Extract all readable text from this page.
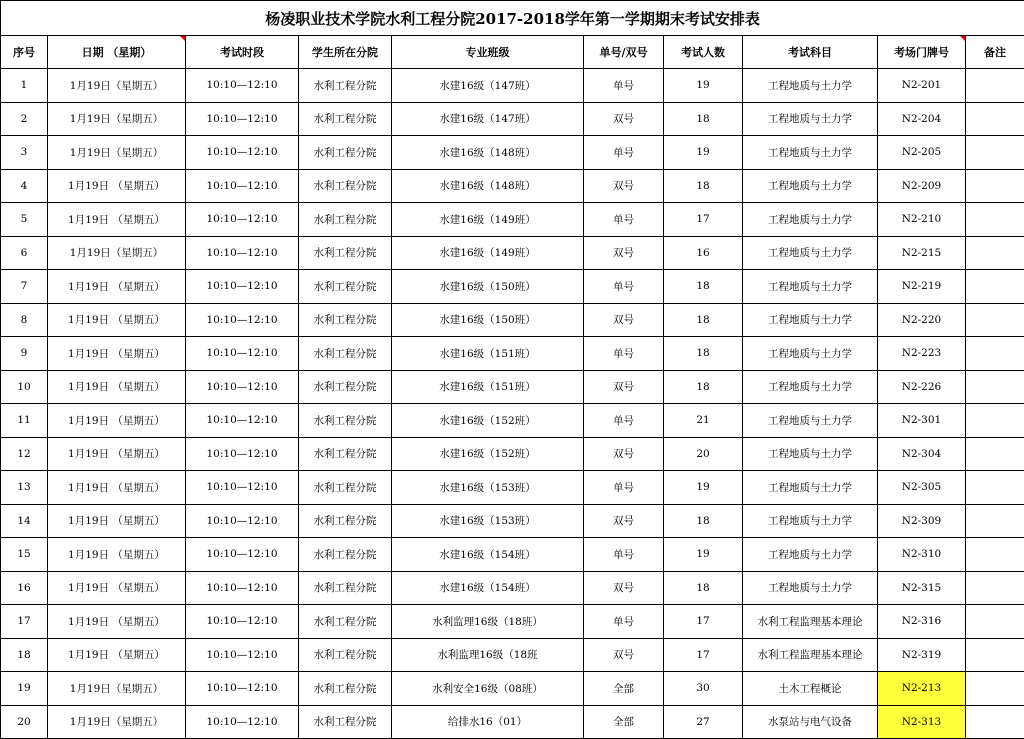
杨凌职业技术学院水利工程分院2017-2018学年第一学期期末考试安排表									
序号	日期 （星期）	考试时段	学生所在分院	专业班级	单号/双号	考试人数	考试科目	考场门牌号	备注
1	1月19日（星期五）	10:10—12:10	水利工程分院	水建16级（147班）	单号	19	工程地质与土力学	N2-201	
2	1月19日（星期五）	10:10—12:10	水利工程分院	水建16级（147班）	双号	18	工程地质与土力学	N2-204	
3	1月19日（星期五）	10:10—12:10	水利工程分院	水建16级（148班）	单号	19	工程地质与土力学	N2-205	
4	1月19日 （星期五）	10:10—12:10	水利工程分院	水建16级（148班）	双号	18	工程地质与土力学	N2-209	
5	1月19日 （星期五）	10:10—12:10	水利工程分院	水建16级（149班）	单号	17	工程地质与土力学	N2-210	
6	1月19日（星期五）	10:10—12:10	水利工程分院	水建16级（149班）	双号	16	工程地质与土力学	N2-215	
7	1月19日 （星期五）	10:10—12:10	水利工程分院	水建16级（150班）	单号	18	工程地质与土力学	N2-219	
8	1月19日 （星期五）	10:10—12:10	水利工程分院	水建16级（150班）	双号	18	工程地质与土力学	N2-220	
9	1月19日 （星期五）	10:10—12:10	水利工程分院	水建16级（151班）	单号	18	工程地质与土力学	N2-223	
10	1月19日 （星期五）	10:10—12:10	水利工程分院	水建16级（151班）	双号	18	工程地质与土力学	N2-226	
11	1月19日 （星期五）	10:10—12:10	水利工程分院	水建16级（152班）	单号	21	工程地质与土力学	N2-301	
12	1月19日 （星期五）	10:10—12:10	水利工程分院	水建16级（152班）	双号	20	工程地质与土力学	N2-304	
13	1月19日 （星期五）	10:10—12:10	水利工程分院	水建16级（153班）	单号	19	工程地质与土力学	N2-305	
14	1月19日 （星期五）	10:10—12:10	水利工程分院	水建16级（153班）	双号	18	工程地质与土力学	N2-309	
15	1月19日 （星期五）	10:10—12:10	水利工程分院	水建16级（154班）	单号	19	工程地质与土力学	N2-310	
16	1月19日 （星期五）	10:10—12:10	水利工程分院	水建16级（154班）	双号	18	工程地质与土力学	N2-315	
17	1月19日 （星期五）	10:10—12:10	水利工程分院	水利监理16级（18班）	单号	17	水利工程监理基本理论	N2-316	
18	1月19日 （星期五）	10:10—12:10	水利工程分院	水利监理16级（18班	双号	17	水利工程监理基本理论	N2-319	
19	1月19日（星期五）	10:10—12:10	水利工程分院	水利安全16级（08班）	全部	30	土木工程概论	N2-213	
20	1月19日（星期五）	10:10—12:10	水利工程分院	给排水16（01）	全部	27	水泵站与电气设备	N2-313	
